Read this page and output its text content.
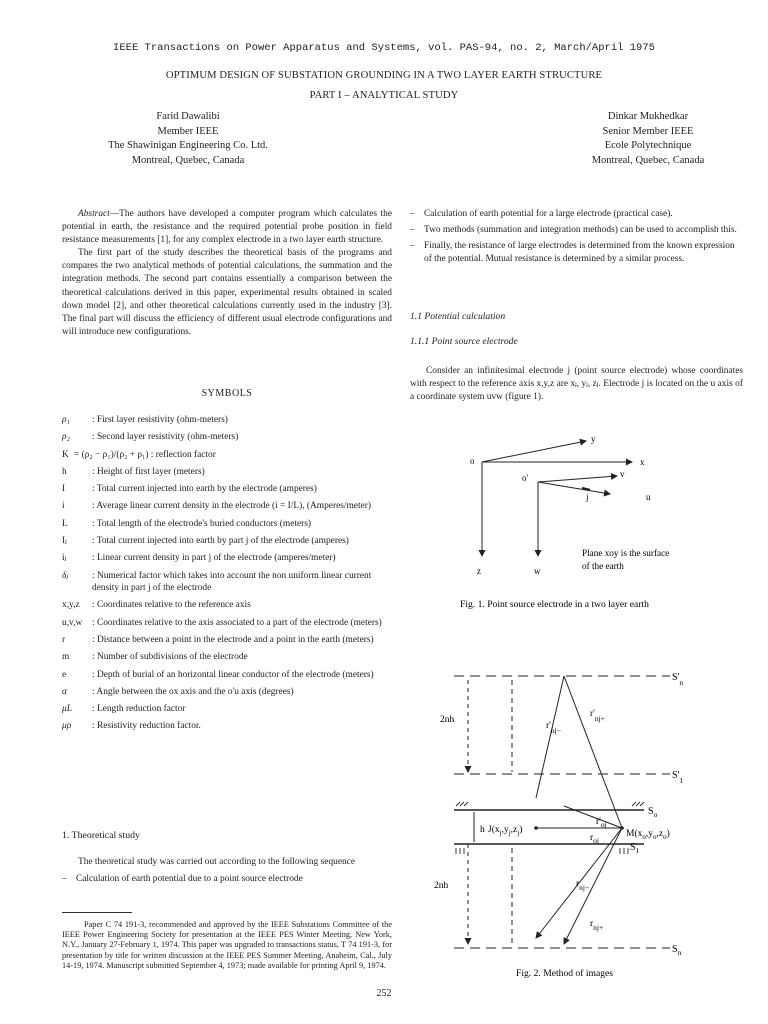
IEEE Transactions on Power Apparatus and Systems, vol. PAS-94, no. 2, March/April 1975
OPTIMUM DESIGN OF SUBSTATION GROUNDING IN A TWO LAYER EARTH STRUCTURE
PART I – ANALYTICAL STUDY
Farid Dawalibi
Member IEEE
The Shawinigan Engineering Co. Ltd.
Montreal, Quebec, Canada
Dinkar Mukhedkar
Senior Member IEEE
Ecole Polytechnique
Montreal, Quebec, Canada

Abstract—The authors have developed a computer program which calculates the potential in earth, the resistance and the required potential probe position in field resistance measurements [1], for any complex electrode in a two layer earth structure.

The first part of the study describes the theoretical basis of the programs and compares the two analytical methods of potential calculations, the summation and the integration methods. The second part contains essentially a comparison between the theoretical calculations derived in this paper, experimental results obtained in scaled down model [2], and other theoretical calculations currently used in the industry [3]. The final part will discuss the efficiency of different usual electrode configurations and will introduce new configurations.

SYMBOLS
ρ₁	: First layer resistivity (ohm-meters)
ρ₂	: Second layer resistivity (ohm-meters)
K = (ρ₂ − ρ₁)/(ρ₂ + ρ₁) : reflection factor
h	: Height of first layer (meters)
I	: Total current injected into earth by the electrode (amperes)
i	: Average linear current density in the electrode (i = I/L), (Amperes/meter)
L	: Total length of the electrode's buried conductors (meters)
Iⱼ	: Total current injected into earth by part j of the electrode (amperes)
iⱼ	: Linear current density in part j of the electrode (amperes/meter)
δⱼ	: Numerical factor which takes into account the non uniform linear current density in part j of the electrode
x,y,z	: Coordinates relative to the reference axis
u,v,w	: Coordinates relative to the axis associated to a part of the electrode (meters)
r	: Distance between a point in the electrode and a point in the earth (meters)
m	: Number of subdivisions of the electrode
e	: Depth of burial of an horizontal linear conductor of the electrode (meters)
α	: Angle between the ox axis and the o'u axis (degrees)
μL	: Length reduction factor
μρ	: Resistivity reduction factor.
1. Theoretical study

The theoretical study was carried out according to the following sequence

– Calculation of earth potential due to a point source electrode
Paper C 74 191-3, recommended and approved by the IEEE Substations Committee of the IEEE Power Engineering Society for presentation at the IEEE PES Winter Meeting, New York, N.Y., January 27-February 1, 1974. This paper was upgraded to transactions status, T 74 191-3, for presentation by title for written discussion at the IEEE PES Summer Meeting, Anaheim, Cal., July 14-19, 1974. Manuscript submitted September 4, 1973; made available for printing April 9, 1974.
252
– Calculation of earth potential for a large electrode (practical case).
– Two methods (summation and integration methods) can be used to accomplish this.
– Finally, the resistance of large electrodes is determined from the known expression of the potential. Mutual resistance is determined by a similar process.
1.1 Potential calculation
1.1.1 Point source electrode

Consider an infinitesimal electrode j (point source electrode) whose coordinates with respect to the reference axis x,y,z are xⱼ, yⱼ, zⱼ. Electrode j is located on the u axis of a coordinate system uvw (figure 1).

o
o'
x
y
z	w
v
u
j
Plane xoy is the surface
of the earth
Fig. 1. Point source electrode in a two layer earth
$S'_n$
$S'_1$
$S_o$
$S_1$
$S_n$
2nh
2nh
h
$r'_{nj-}$
$r'_{nj+}$
$r'_{oj}$
$r_{oj}$
$r_{nj-}$
$r_{nj+}$
$J(x_j,y_j,z_j)$	$M(x_o,y_o,z_o)$
Fig. 2. Method of images
